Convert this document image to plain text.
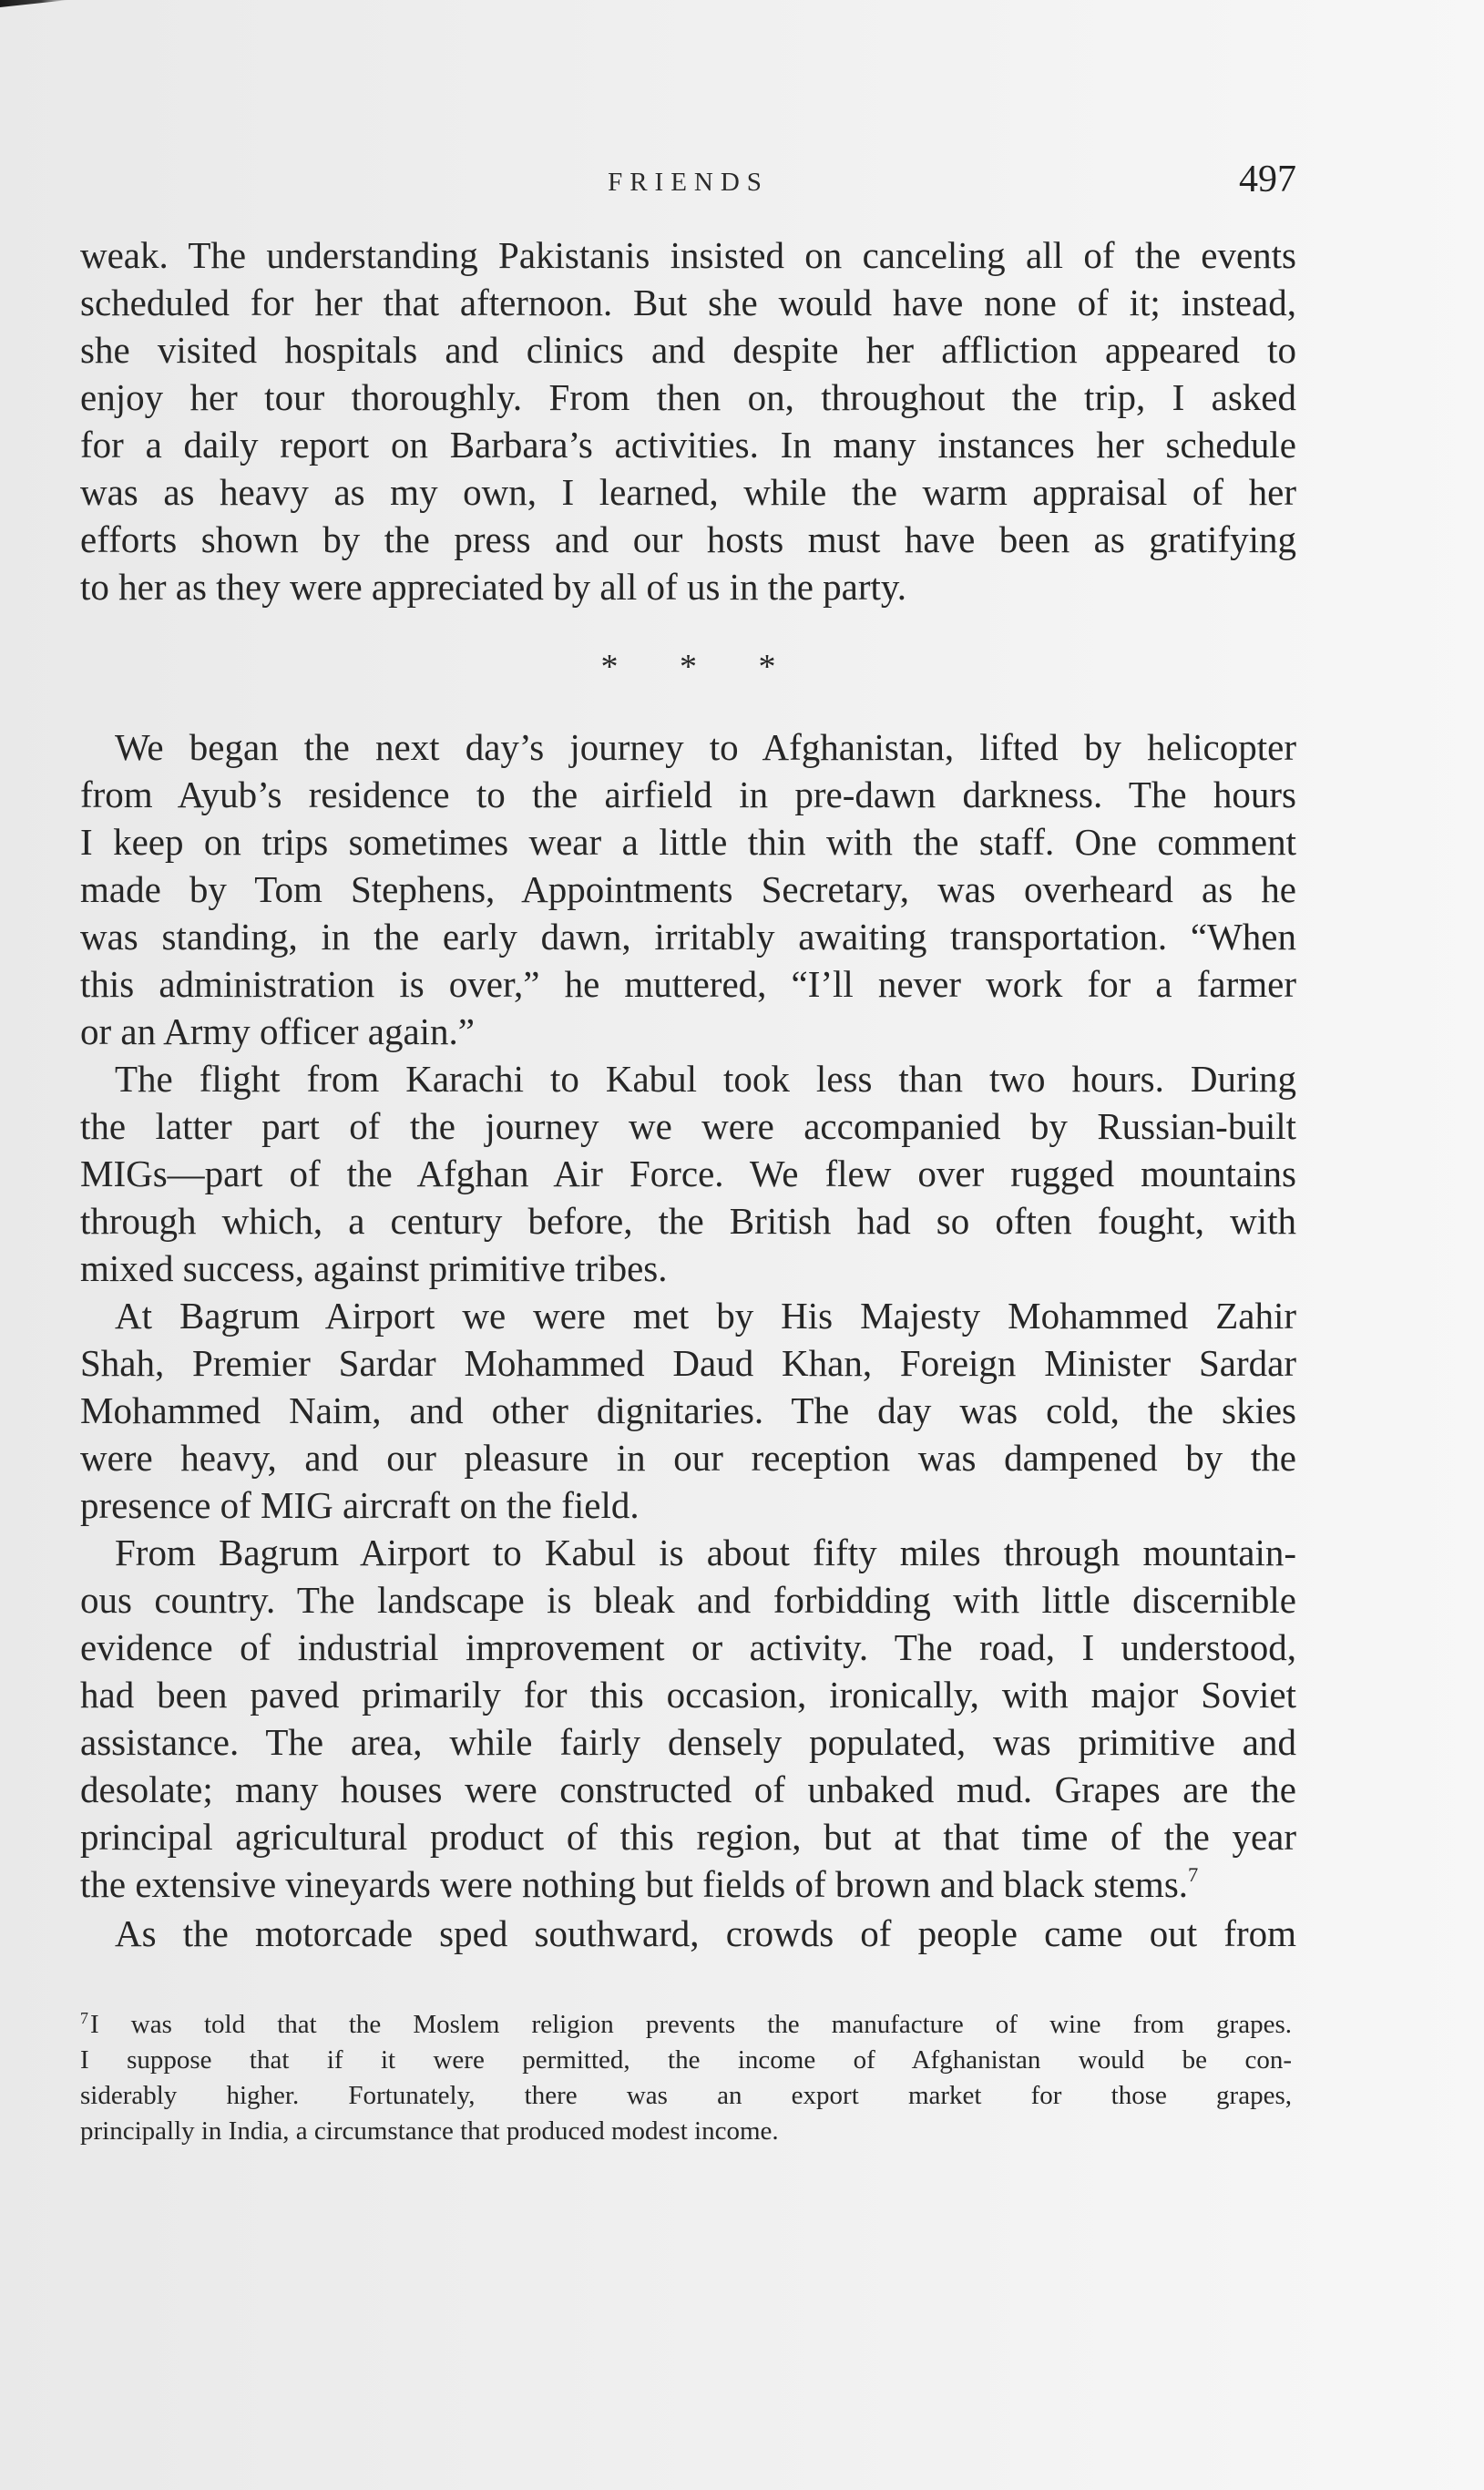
FRIENDS	497
weak. The understanding Pakistanis insisted on canceling all of the events
scheduled for her that afternoon. But she would have none of it; instead,
she visited hospitals and clinics and despite her affliction appeared to
enjoy her tour thoroughly. From then on, throughout the trip, I asked
for a daily report on Barbara’s activities. In many instances her schedule
was as heavy as my own, I learned, while the warm appraisal of her
efforts shown by the press and our hosts must have been as gratifying
to her as they were appreciated by all of us in the party.
* * *
We began the next day’s journey to Afghanistan, lifted by helicopter
from Ayub’s residence to the airfield in pre-dawn darkness. The hours
I keep on trips sometimes wear a little thin with the staff. One comment
made by Tom Stephens, Appointments Secretary, was overheard as he
was standing, in the early dawn, irritably awaiting transportation. “When
this administration is over,” he muttered, “I’ll never work for a farmer
or an Army officer again.”
The flight from Karachi to Kabul took less than two hours. During
the latter part of the journey we were accompanied by Russian-built
MIGs—part of the Afghan Air Force. We flew over rugged mountains
through which, a century before, the British had so often fought, with
mixed success, against primitive tribes.
At Bagrum Airport we were met by His Majesty Mohammed Zahir
Shah, Premier Sardar Mohammed Daud Khan, Foreign Minister Sardar
Mohammed Naim, and other dignitaries. The day was cold, the skies
were heavy, and our pleasure in our reception was dampened by the
presence of MIG aircraft on the field.
From Bagrum Airport to Kabul is about fifty miles through mountain-
ous country. The landscape is bleak and forbidding with little discernible
evidence of industrial improvement or activity. The road, I understood,
had been paved primarily for this occasion, ironically, with major Soviet
assistance. The area, while fairly densely populated, was primitive and
desolate; many houses were constructed of unbaked mud. Grapes are the
principal agricultural product of this region, but at that time of the year
the extensive vineyards were nothing but fields of brown and black stems.$^7$
As the motorcade sped southward, crowds of people came out from
$^7$I was told that the Moslem religion prevents the manufacture of wine from grapes.
I suppose that if it were permitted, the income of Afghanistan would be con-
siderably higher. Fortunately, there was an export market for those grapes,
principally in India, a circumstance that produced modest income.
